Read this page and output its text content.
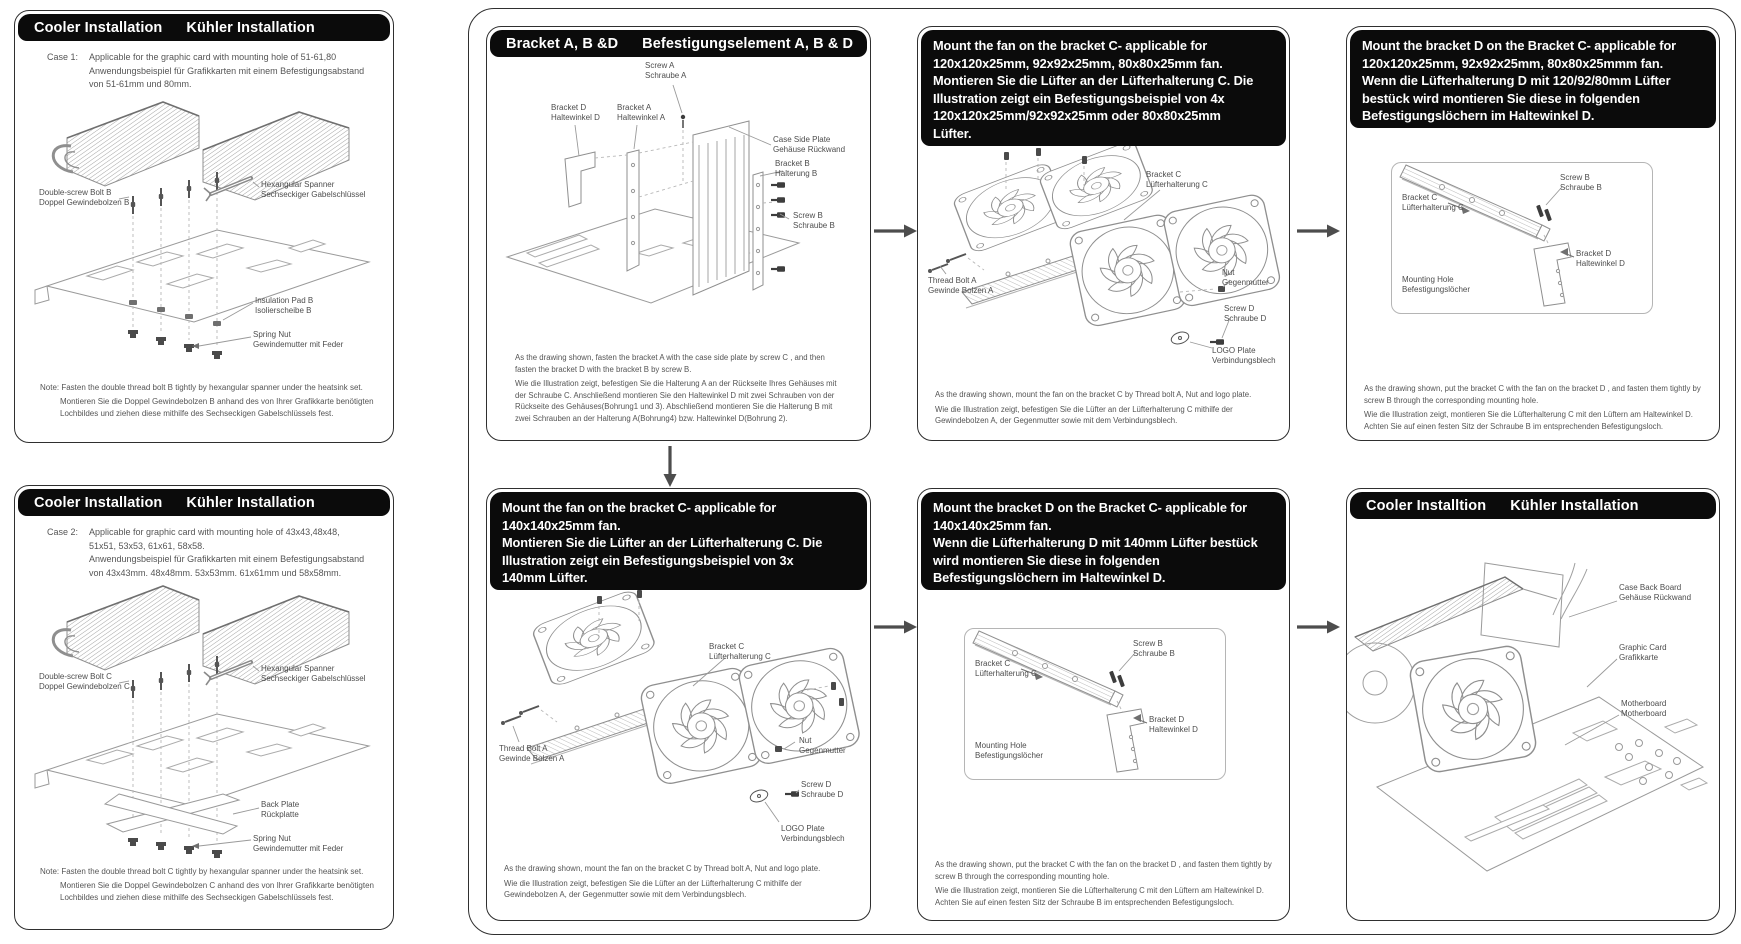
Cooler Installation Kühler Installation
Case 1:	Applicable for the graphic card with mounting hole of 51-61,80
Anwendungsbeispiel für Grafikkarten mit einem Befestigungsabstand
von 51-61mm und 80mm.
Double-screw Bolt B
Doppel Gewindebolzen B
Hexangular Spanner
Sechseckiger Gabelschlüssel
Insulation Pad B
Isolierscheibe B
Spring Nut
Gewindemutter mit Feder
Note: Fasten the double thread bolt B tightly by hexangular spanner under the heatsink set.
Montieren Sie die Doppel Gewindebolzen B anhand des von Ihrer Grafikkarte benötigten Lochbildes und ziehen diese mithilfe des Sechseckigen Gabelschlüssels fest.
Cooler Installation Kühler Installation
Case 2:	Applicable for graphic card with mounting hole of 43x43,48x48,
51x51, 53x53, 61x61, 58x58.
Anwendungsbeispiel für Grafikkarten mit einem Befestigungsabstand
von 43x43mm. 48x48mm. 53x53mm. 61x61mm und 58x58mm.
Double-screw Bolt C
Doppel Gewindebolzen C
Hexangular Spanner
Sechseckiger Gabelschlüssel
Back Plate
Rückplatte
Spring Nut
Gewindemutter mit Feder
Note: Fasten the double thread bolt C tightly by hexangular spanner under the heatsink set.
Montieren Sie die Doppel Gewindebolzen C anhand des von Ihrer Grafikkarte benötigten Lochbildes und ziehen diese mithilfe des Sechseckigen Gabelschlüssels fest.
Bracket A, B &D Befestigungselement A, B & D
Screw A
Schraube A
Bracket D
Haltewinkel D
Bracket A
Haltewinkel A
Case Side Plate
Gehäuse Rückwand
Bracket B
Halterung B
Screw B
Schraube B
As the drawing shown, fasten the bracket A with the case side plate by screw C , and then fasten the bracket D with the bracket B by screw B.
Wie die Illustration zeigt, befestigen Sie die Halterung A an der Rückseite Ihres Gehäuses mit der Schraube C. Anschließend montieren Sie den Haltewinkel D mit zwei Schrauben von der Rückseite des Gehäuses(Bohrung1 und 3). Abschließend montieren Sie die Halterung B mit zwei Schrauben an der Halterung A(Bohrung4) bzw. Haltewinkel D(Bohrung 2).
Mount the fan on the bracket C- applicable for
120x120x25mm, 92x92x25mm, 80x80x25mm fan.
Montieren Sie die Lüfter an der Lüfterhalterung C. Die
Illustration zeigt ein Befestigungsbeispiel von 4x
120x120x25mm/92x92x25mm oder 80x80x25mm
Lüfter.
Bracket C
Lüfterhalterung C
Thread Bolt A
Gewinde Bolzen A
Nut
Gegenmutter
Screw D
Schraube D
LOGO Plate
Verbindungsblech
As the drawing shown, mount the fan on the bracket C by Thread bolt A, Nut and logo plate.
Wie die Illustration zeigt, befestigen Sie die Lüfter an der Lüfterhalterung C mithilfe der Gewindebolzen A, der Gegenmutter sowie mit dem Verbindungsblech.
Mount the bracket D on the Bracket C- applicable for
120x120x25mm, 92x92x25mm, 80x80x25mmm fan.
Wenn die Lüfterhalterung D mit 120/92/80mm Lüfter
bestück wird montieren Sie diese in folgenden
Befestigungslöchern im Haltewinkel D.
Bracket C
Lüfterhalterung C
Screw B
Schraube B
Bracket D
Haltewinkel D
Mounting Hole
Befestigungslöcher
As the drawing shown, put the bracket C with the fan on the bracket D , and fasten them tightly by screw B through the corresponding mounting hole.
Wie die Illustration zeigt, montieren Sie die Lüfterhalterung C mit den Lüftern am Haltewinkel D. Achten Sie auf einen festen Sitz der Schraube B im entsprechenden Befestigungsloch.
Mount the fan on the bracket C- applicable for
140x140x25mm fan.
Montieren Sie die Lüfter an der Lüfterhalterung C. Die
Illustration zeigt ein Befestigungsbeispiel von 3x
140mm Lüfter.
Bracket C
Lüfterhalterung C
Thread Bolt A
Gewinde Bolzen A
Nut
Gegenmutter
Screw D
Schraube D
LOGO Plate
Verbindungsblech
As the drawing shown, mount the fan on the bracket C by Thread bolt A, Nut and logo plate.
Wie die Illustration zeigt, befestigen Sie die Lüfter an der Lüfterhalterung C mithilfe der Gewindebolzen A, der Gegenmutter sowie mit dem Verbindungsblech.
Mount the bracket D on the Bracket C- applicable for
140x140x25mm fan.
Wenn die Lüfterhalterung D mit 140mm Lüfter bestück
wird montieren Sie diese in folgenden
Befestigungslöchern im Haltewinkel D.
Bracket C
Lüfterhalterung C
Screw B
Schraube B
Bracket D
Haltewinkel D
Mounting Hole
Befestigungslöcher
As the drawing shown, put the bracket C with the fan on the bracket D , and fasten them tightly by screw B through the corresponding mounting hole.
Wie die Illustration zeigt, montieren Sie die Lüfterhalterung C mit den Lüftern am Haltewinkel D. Achten Sie auf einen festen Sitz der Schraube B im entsprechenden Befestigungsloch.
Cooler Installtion Kühler Installation
Case Back Board
Gehäuse Rückwand
Graphic Card
Grafikkarte
Motherboard
Motherboard
